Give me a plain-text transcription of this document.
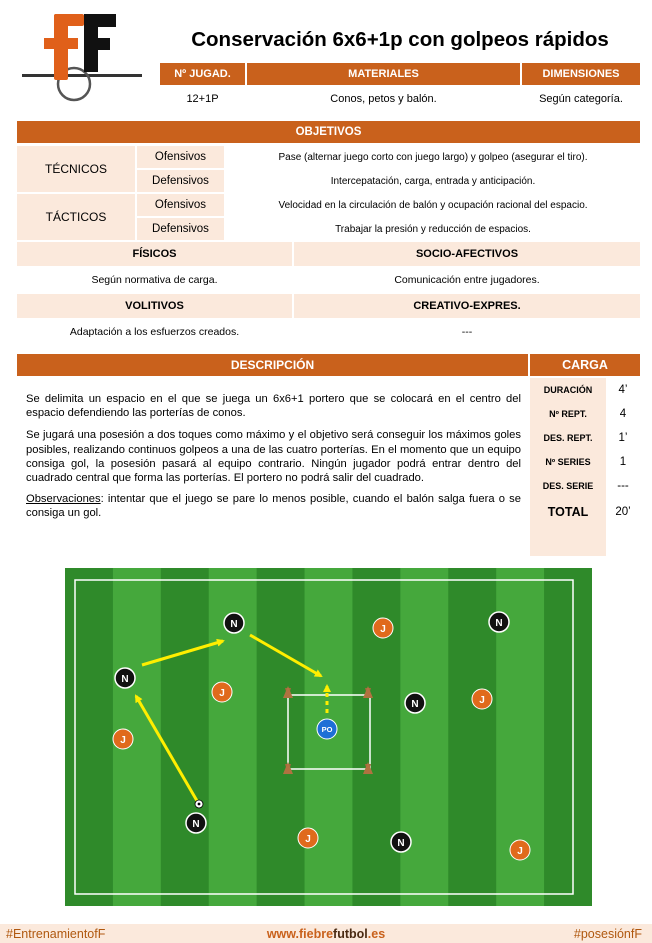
Conservación 6x6+1p con golpeos rápidos
Nº JUGAD.	MATERIALES	DIMENSIONES
12+1P	Conos, petos y balón.	Según categoría.
OBJETIVOS
TÉCNICOS
Ofensivos	Pase (alternar juego corto con juego largo) y golpeo (asegurar el tiro).
Defensivos	Intercepatación, carga, entrada y anticipación.
TÁCTICOS
Ofensivos	Velocidad en la circulación de balón y ocupación racional del espacio.
Defensivos	Trabajar la presión y reducción de espacios.
FÍSICOS	SOCIO-AFECTIVOS
Según normativa de carga.	Comunicación entre jugadores.
VOLITIVOS	CREATIVO-EXPRES.
Adaptación a los esfuerzos creados.	---
DESCRIPCIÓN

Se delimita un espacio en el que se juega un 6x6+1 portero que se colocará en el centro del espacio defendiendo las porterías de conos.

Se jugará una posesión a dos toques como máximo y el objetivo será conseguir los máximos goles posibles, realizando continuos golpeos a una de las cuatro porterías. En el momento que un equipo consiga gol, la posesión pasará al equipo contrario. Ningún jugador podrá entrar dentro del cuadrado central que forma las porterías. El portero no podrá salir del cuadrado.

Observaciones: intentar que el juego se pare lo menos posible, cuando el balón salga fuera o se consiga un gol.

CARGA
DURACIÓN	4’
Nº REPT.	4
DES. REPT.	1’
Nº SERIES	1
DES. SERIE	---
TOTAL	20’
N
N
N
N
N
N
J
J
J
J
J
J
PO
#EntrenamientofF	www.fiebrefutbol.es	#posesiónfF
